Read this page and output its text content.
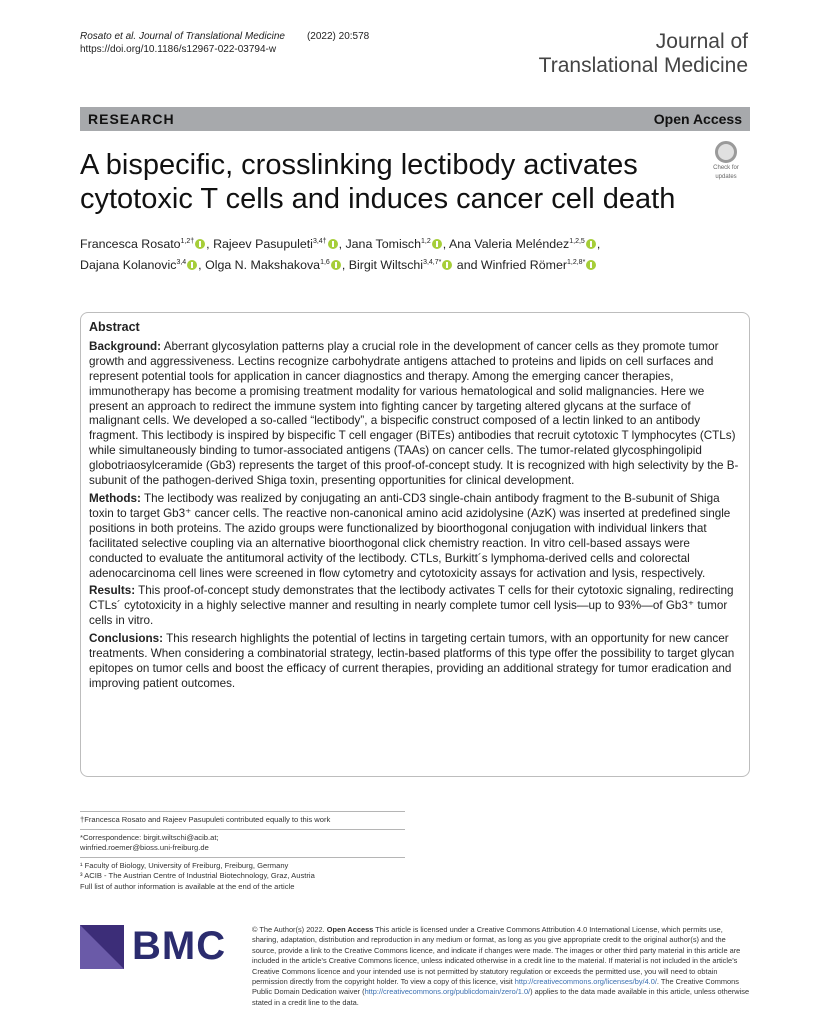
Rosato et al. Journal of Translational Medicine (2022) 20:578
https://doi.org/10.1186/s12967-022-03794-w	Journal of
Translational Medicine
RESEARCH	Open Access
A bispecific, crosslinking lectibody activates
cytotoxic T cells and induces cancer cell death
Check for
updates
Francesca Rosato$^{1,2\dagger}$ , Rajeev Pasupuleti$^{3,4\dagger}$ , Jana Tomisch$^{1,2}$ , Ana Valeria Meléndez$^{1,2,5}$ ,
Dajana Kolanovic$^{3,4}$ , Olga N. Makshakova$^{1,6}$ , Birgit Wiltschi$^{3,4,7*}$ and Winfried Römer$^{1,2,8*}$
Abstract

Background: Aberrant glycosylation patterns play a crucial role in the development of cancer cells as they promote tumor growth and aggressiveness. Lectins recognize carbohydrate antigens attached to proteins and lipids on cell surfaces and represent potential tools for application in cancer diagnostics and therapy. Among the emerging cancer therapies, immunotherapy has become a promising treatment modality for various hematological and solid malignancies. Here we present an approach to redirect the immune system into fighting cancer by targeting altered glycans at the surface of malignant cells. We developed a so-called “lectibody”, a bispecific construct composed of a lectin linked to an antibody fragment. This lectibody is inspired by bispecific T cell engager (BiTEs) antibodies that recruit cytotoxic T lymphocytes (CTLs) while simultaneously binding to tumor-associated antigens (TAAs) on cancer cells. The tumor-related glycosphingolipid globotriaosylceramide (Gb3) represents the target of this proof-of-concept study. It is recognized with high selectivity by the B-subunit of the pathogen-derived Shiga toxin, presenting opportunities for clinical development.

Methods: The lectibody was realized by conjugating an anti-CD3 single-chain antibody fragment to the B-subunit of Shiga toxin to target Gb3⁺ cancer cells. The reactive non-canonical amino acid azidolysine (AzK) was inserted at predefined single positions in both proteins. The azido groups were functionalized by bioorthogonal conjugation with individual linkers that facilitated selective coupling via an alternative bioorthogonal click chemistry reaction. In vitro cell-based assays were conducted to evaluate the antitumoral activity of the lectibody. CTLs, Burkitt´s lymphoma-derived cells and colorectal adenocarcinoma cell lines were screened in flow cytometry and cytotoxicity assays for activation and lysis, respectively.

Results: This proof-of-concept study demonstrates that the lectibody activates T cells for their cytotoxic signaling, redirecting CTLs´ cytotoxicity in a highly selective manner and resulting in nearly complete tumor cell lysis—up to 93%—of Gb3⁺ tumor cells in vitro.

Conclusions: This research highlights the potential of lectins in targeting certain tumors, with an opportunity for new cancer treatments. When considering a combinatorial strategy, lectin-based platforms of this type offer the possibility to target glycan epitopes on tumor cells and boost the efficacy of current therapies, providing an additional strategy for tumor eradication and improving patient outcomes.

†Francesca Rosato and Rajeev Pasupuleti contributed equally to this work

*Correspondence: birgit.wiltschi@acib.at;

winfried.roemer@bioss.uni-freiburg.de

¹ Faculty of Biology, University of Freiburg, Freiburg, Germany

³ ACIB - The Austrian Centre of Industrial Biotechnology, Graz, Austria

Full list of author information is available at the end of the article

BMC	© The Author(s) 2022. Open Access This article is licensed under a Creative Commons Attribution 4.0 International License, which permits use, sharing, adaptation, distribution and reproduction in any medium or format, as long as you give appropriate credit to the original author(s) and the source, provide a link to the Creative Commons licence, and indicate if changes were made. The images or other third party material in this article are included in the article’s Creative Commons licence, unless indicated otherwise in a credit line to the material. If material is not included in the article’s Creative Commons licence and your intended use is not permitted by statutory regulation or exceeds the permitted use, you will need to obtain permission directly from the copyright holder. To view a copy of this licence, visit http://creativecommons.org/licenses/by/4.0/. The Creative Commons Public Domain Dedication waiver (http://creativecommons.org/publicdomain/zero/1.0/) applies to the data made available in this article, unless otherwise stated in a credit line to the data.
